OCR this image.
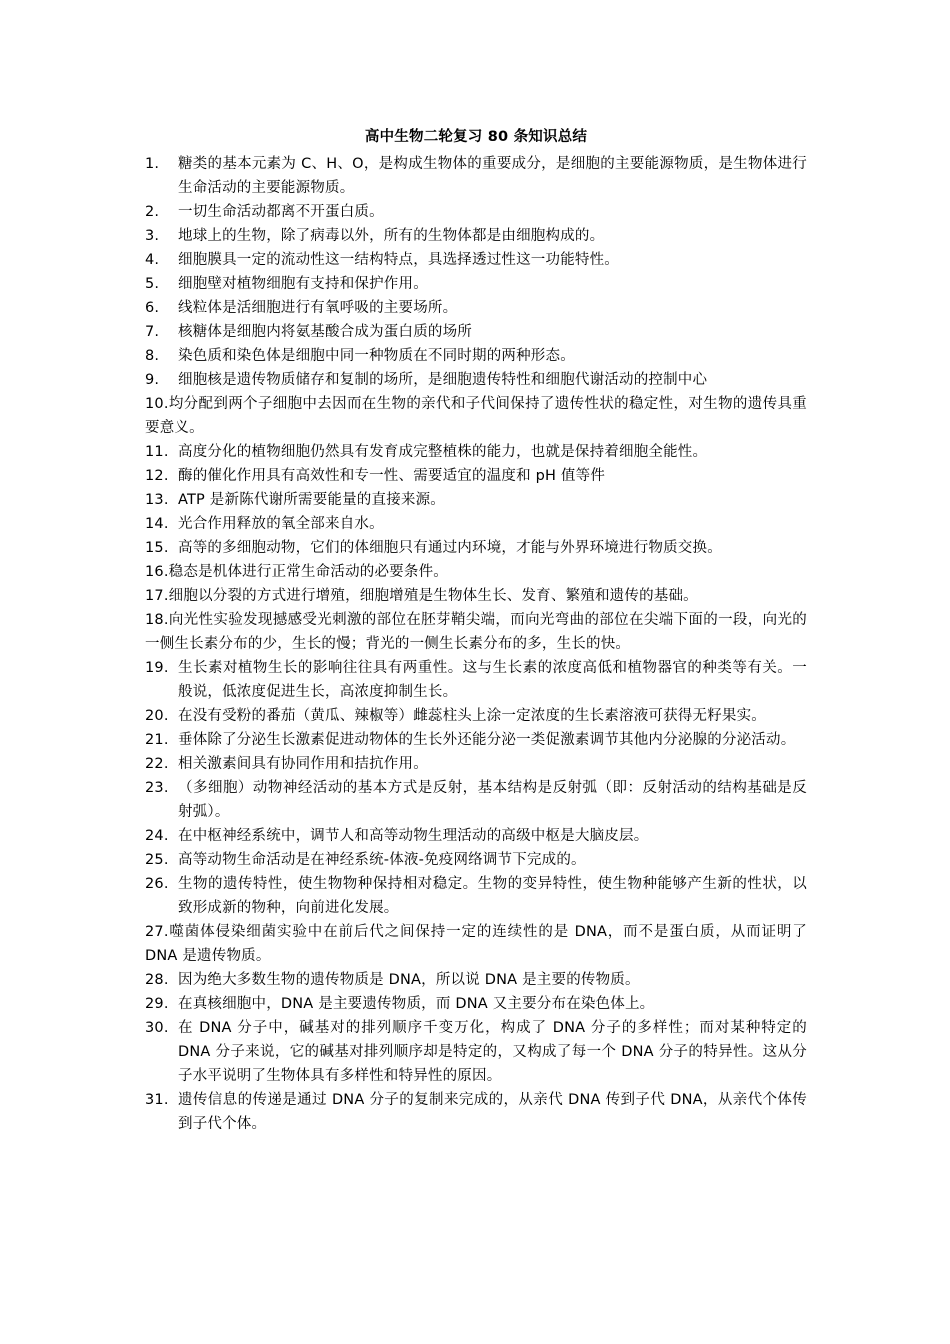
高中生物二轮复习 80 条知识总结
1.	糖类的基本元素为 C、H、O，是构成生物体的重要成分，是细胞的主要能源物质，是生物体进行生命活动的主要能源物质。
2.	一切生命活动都离不开蛋白质。
3.	地球上的生物，除了病毒以外，所有的生物体都是由细胞构成的。
4.	细胞膜具一定的流动性这一结构特点，具选择透过性这一功能特性。
5.	细胞壁对植物细胞有支持和保护作用。
6.	线粒体是活细胞进行有氧呼吸的主要场所。
7.	核糖体是细胞内将氨基酸合成为蛋白质的场所
8.	染色质和染色体是细胞中同一种物质在不同时期的两种形态。
9.	细胞核是遗传物质储存和复制的场所，是细胞遗传特性和细胞代谢活动的控制中心
10.均分配到两个子细胞中去因而在生物的亲代和子代间保持了遗传性状的稳定性，对生物的遗传具重要意义。
11. 高度分化的植物细胞仍然具有发育成完整植株的能力，也就是保持着细胞全能性。
12. 酶的催化作用具有高效性和专一性、需要适宜的温度和 pH 值等件
13. ATP 是新陈代谢所需要能量的直接来源。
14. 光合作用释放的氧全部来自水。
15. 高等的多细胞动物，它们的体细胞只有通过内环境，才能与外界环境进行物质交换。
16.稳态是机体进行正常生命活动的必要条件。
17.细胞以分裂的方式进行增殖，细胞增殖是生物体生长、发育、繁殖和遗传的基础。
18.向光性实验发现撼感受光刺激的部位在胚芽鞘尖端，而向光弯曲的部位在尖端下面的一段，向光的一侧生长素分布的少，生长的慢；背光的一侧生长素分布的多，生长的快。
19. 生长素对植物生长的影响往往具有两重性。这与生长素的浓度高低和植物器官的种类等有关。一般说，低浓度促进生长，高浓度抑制生长。
20. 在没有受粉的番茄（黄瓜、辣椒等）雌蕊柱头上涂一定浓度的生长素溶液可获得无籽果实。
21. 垂体除了分泌生长激素促进动物体的生长外还能分泌一类促激素调节其他内分泌腺的分泌活动。
22. 相关激素间具有协同作用和拮抗作用。
23. （多细胞）动物神经活动的基本方式是反射，基本结构是反射弧（即：反射活动的结构基础是反射弧）。
24. 在中枢神经系统中，调节人和高等动物生理活动的高级中枢是大脑皮层。
25. 高等动物生命活动是在神经系统-体液-免疫网络调节下完成的。
26. 生物的遗传特性，使生物物种保持相对稳定。生物的变异特性，使生物种能够产生新的性状，以致形成新的物种，向前进化发展。
27.噬菌体侵染细菌实验中在前后代之间保持一定的连续性的是 DNA，而不是蛋白质，从而证明了 DNA 是遗传物质。
28. 因为绝大多数生物的遗传物质是 DNA，所以说 DNA 是主要的传物质。
29. 在真核细胞中，DNA 是主要遗传物质，而 DNA 又主要分布在染色体上。
30. 在 DNA 分子中，碱基对的排列顺序千变万化，构成了 DNA 分子的多样性；而对某种特定的 DNA 分子来说，它的碱基对排列顺序却是特定的，又构成了每一个 DNA 分子的特异性。这从分子水平说明了生物体具有多样性和特异性的原因。
31. 遗传信息的传递是通过 DNA 分子的复制来完成的，从亲代 DNA 传到子代 DNA，从亲代个体传到子代个体。
